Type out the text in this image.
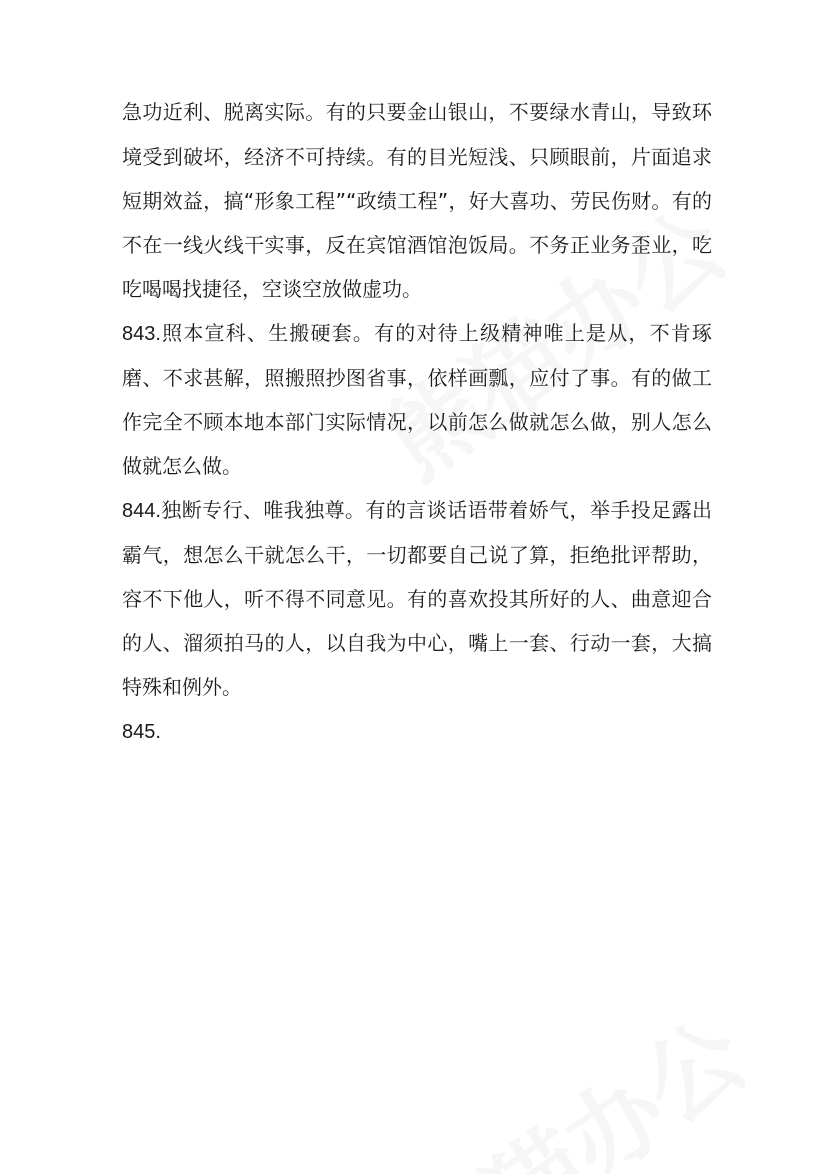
急功近利、脱离实际。有的只要金山银山，不要绿水青山，导致环境受到破坏，经济不可持续。有的目光短浅、只顾眼前，片面追求短期效益，搞“形象工程”“政绩工程”，好大喜功、劳民伤财。有的不在一线火线干实事，反在宾馆酒馆泡饭局。不务正业务歪业，吃吃喝喝找捷径，空谈空放做虚功。

843.照本宣科、生搬硬套。有的对待上级精神唯上是从，不肯琢磨、不求甚解，照搬照抄图省事，依样画瓢，应付了事。有的做工作完全不顾本地本部门实际情况，以前怎么做就怎么做，别人怎么做就怎么做。

844.独断专行、唯我独尊。有的言谈话语带着娇气，举手投足露出霸气，想怎么干就怎么干，一切都要自己说了算，拒绝批评帮助，容不下他人，听不得不同意见。有的喜欢投其所好的人、曲意迎合的人、溜须拍马的人，以自我为中心，嘴上一套、行动一套，大搞特殊和例外。

845.
